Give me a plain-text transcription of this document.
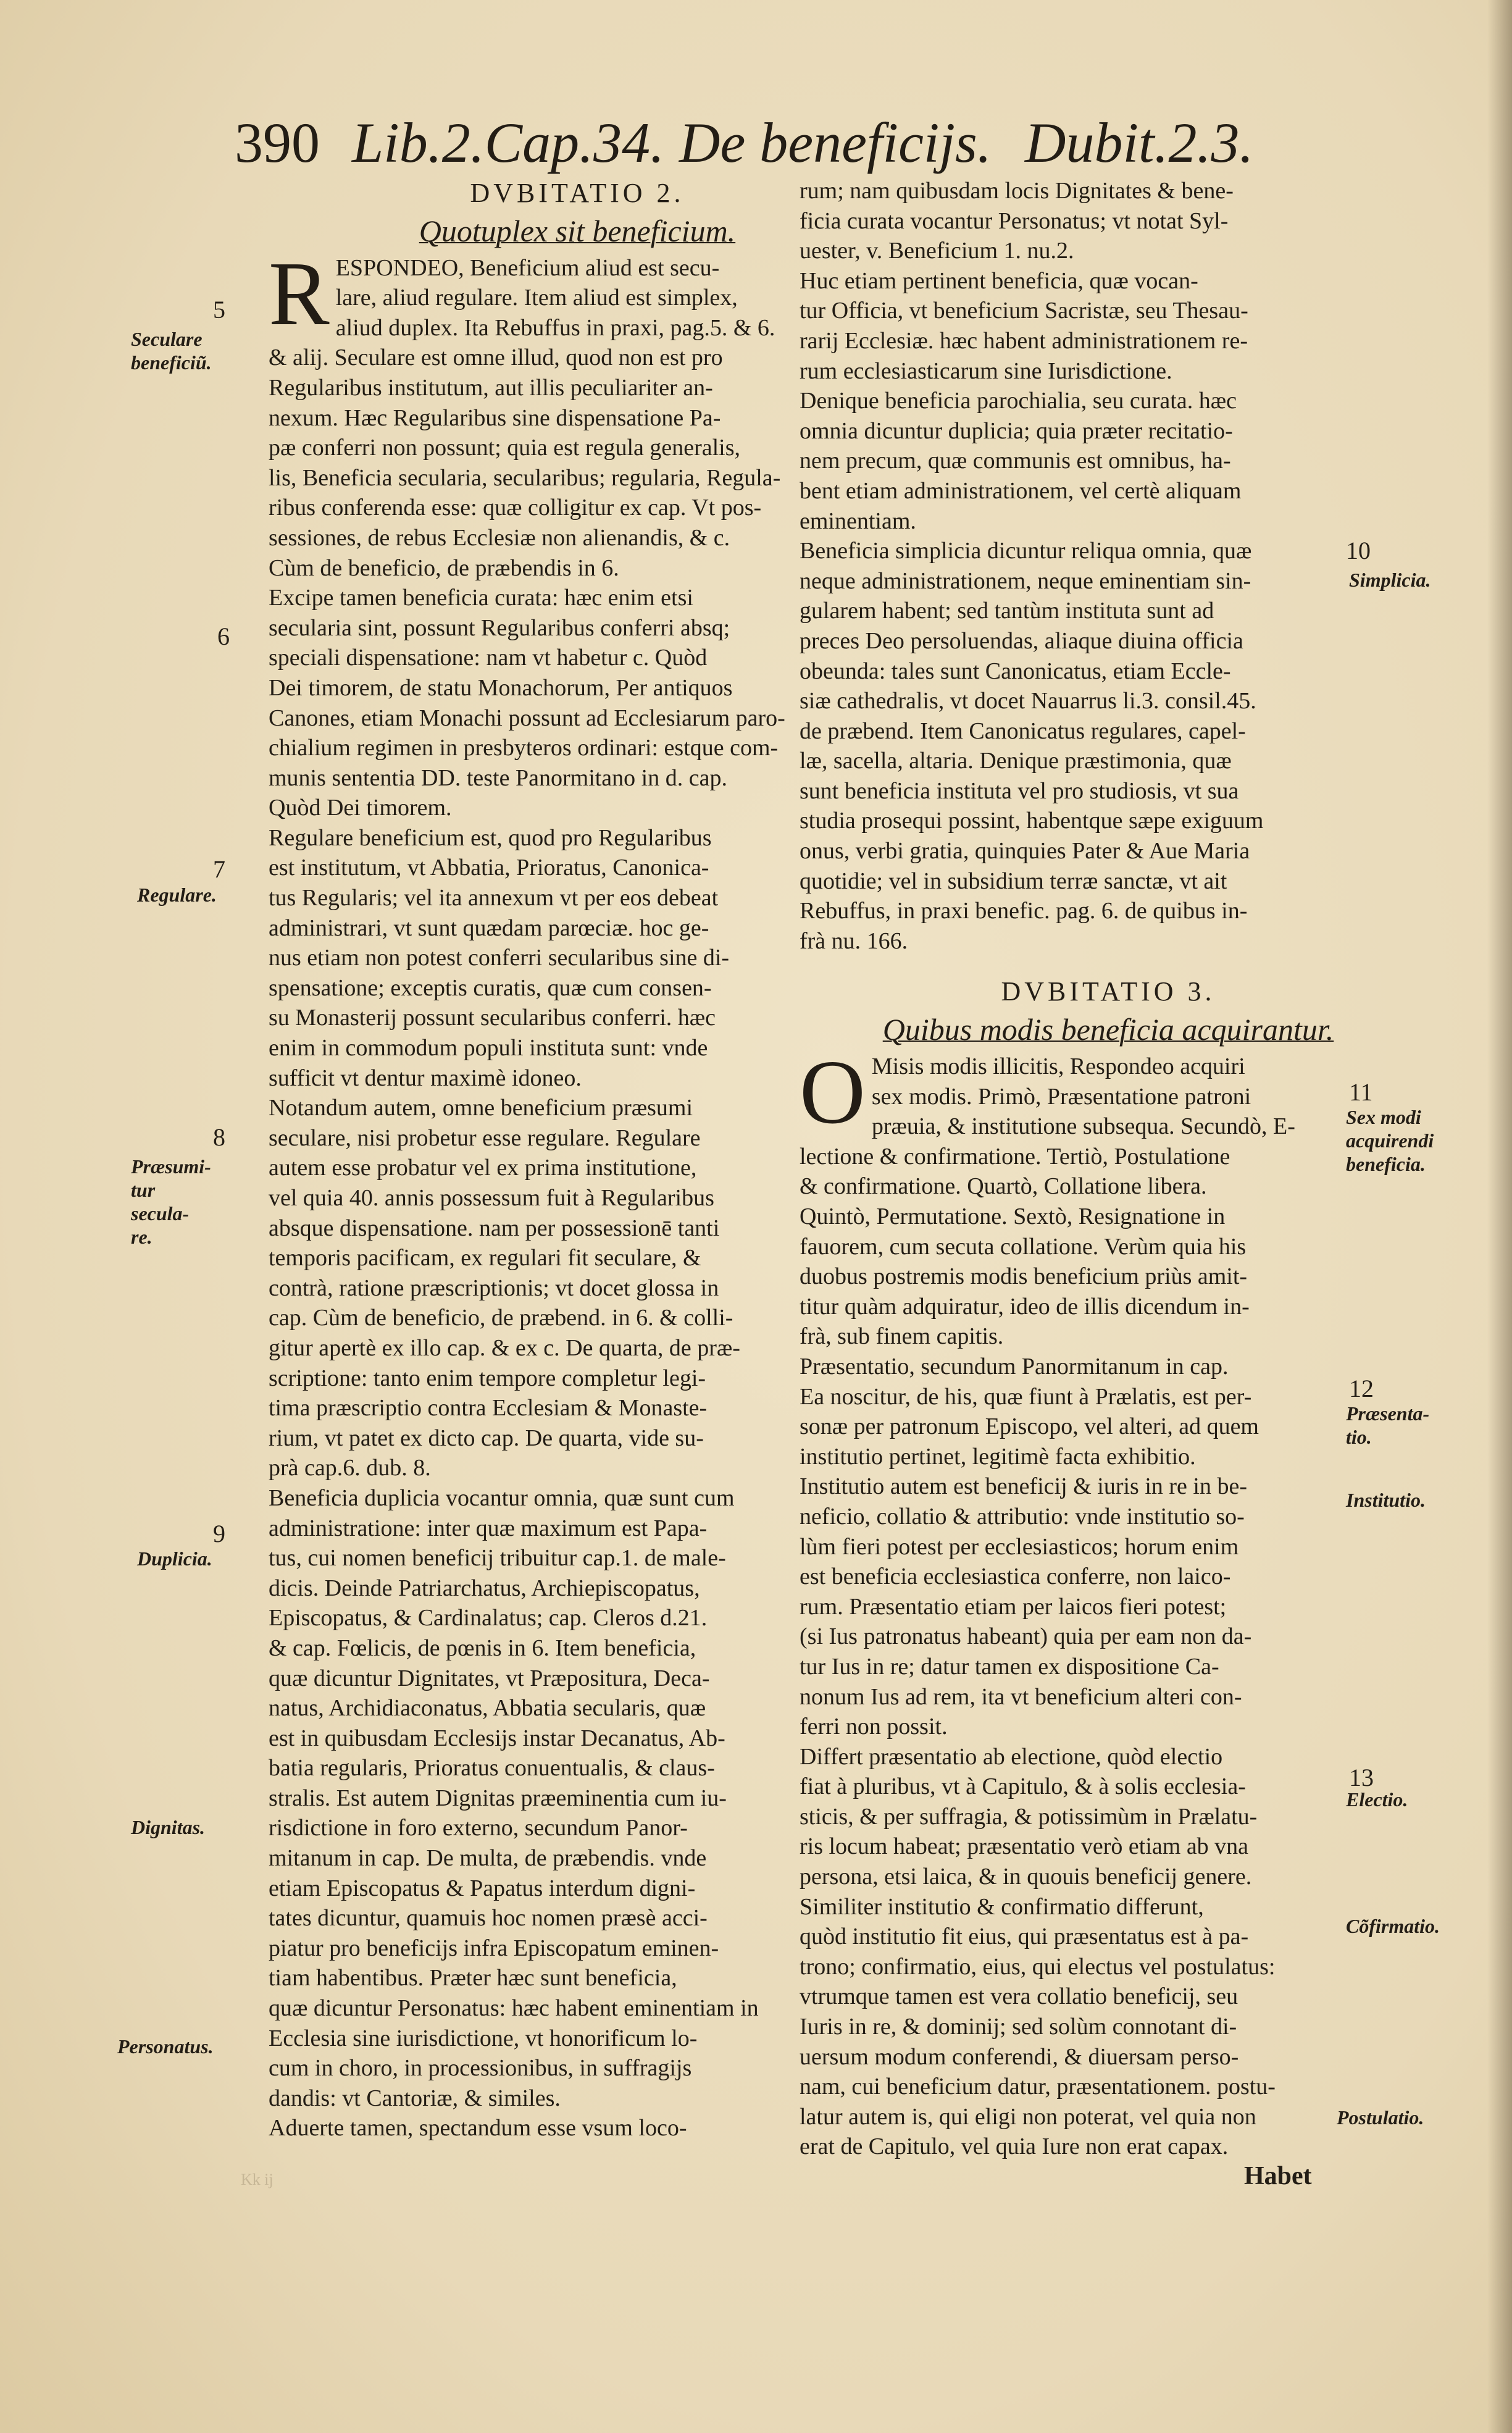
390 Lib.2.Cap.34. De beneficijs. Dubit.2.3.
DVBITATIO 2.
Quotuplex sit beneficium.
R ESPONDEO, Beneficium aliud est secu-
lare, aliud regulare. Item aliud est simplex,
aliud duplex. Ita Rebuffus in praxi, pag.5. & 6.
& alij. Seculare est omne illud, quod non est pro
Regularibus institutum, aut illis peculiariter an-
nexum. Hæc Regularibus sine dispensatione Pa-
pæ conferri non possunt; quia est regula generalis,
lis, Beneficia secularia, secularibus; regularia, Regula-
ribus conferenda esse: quæ colligitur ex cap. Vt pos-
sessiones, de rebus Ecclesiæ non alienandis, & c.
Cùm de beneficio, de præbendis in 6.
Excipe tamen beneficia curata: hæc enim etsi
secularia sint, possunt Regularibus conferri absq;
speciali dispensatione: nam vt habetur c. Quòd
Dei timorem, de statu Monachorum, Per antiquos
Canones, etiam Monachi possunt ad Ecclesiarum paro-
chialium regimen in presbyteros ordinari: estque com-
munis sententia DD. teste Panormitano in d. cap.
Quòd Dei timorem.
Regulare beneficium est, quod pro Regularibus
est institutum, vt Abbatia, Prioratus, Canonica-
tus Regularis; vel ita annexum vt per eos debeat
administrari, vt sunt quædam parœciæ. hoc ge-
nus etiam non potest conferri secularibus sine di-
spensatione; exceptis curatis, quæ cum consen-
su Monasterij possunt secularibus conferri. hæc
enim in commodum populi instituta sunt: vnde
sufficit vt dentur maximè idoneo.
Notandum autem, omne beneficium præsumi
seculare, nisi probetur esse regulare. Regulare
autem esse probatur vel ex prima institutione,
vel quia 40. annis possessum fuit à Regularibus
absque dispensatione. nam per possessionē tanti
temporis pacificam, ex regulari fit seculare, &
contrà, ratione præscriptionis; vt docet glossa in
cap. Cùm de beneficio, de præbend. in 6. & colli-
gitur apertè ex illo cap. & ex c. De quarta, de præ-
scriptione: tanto enim tempore completur legi-
tima præscriptio contra Ecclesiam & Monaste-
rium, vt patet ex dicto cap. De quarta, vide su-
prà cap.6. dub. 8.
Beneficia duplicia vocantur omnia, quæ sunt cum
administratione: inter quæ maximum est Papa-
tus, cui nomen beneficij tribuitur cap.1. de male-
dicis. Deinde Patriarchatus, Archiepiscopatus,
Episcopatus, & Cardinalatus; cap. Cleros d.21.
& cap. Fœlicis, de pœnis in 6. Item beneficia,
quæ dicuntur Dignitates, vt Præpositura, Deca-
natus, Archidiaconatus, Abbatia secularis, quæ
est in quibusdam Ecclesijs instar Decanatus, Ab-
batia regularis, Prioratus conuentualis, & claus-
stralis. Est autem Dignitas præeminentia cum iu-
risdictione in foro externo, secundum Panor-
mitanum in cap. De multa, de præbendis. vnde
etiam Episcopatus & Papatus interdum digni-
tates dicuntur, quamuis hoc nomen præsè acci-
piatur pro beneficijs infra Episcopatum eminen-
tiam habentibus. Præter hæc sunt beneficia,
quæ dicuntur Personatus: hæc habent eminentiam in
Ecclesia sine iurisdictione, vt honorificum lo-
cum in choro, in processionibus, in suffragijs
dandis: vt Cantoriæ, & similes.
Aduerte tamen, spectandum esse vsum loco-
rum; nam quibusdam locis Dignitates & bene-
ficia curata vocantur Personatus; vt notat Syl-
uester, v. Beneficium 1. nu.2.
Huc etiam pertinent beneficia, quæ vocan-
tur Officia, vt beneficium Sacristæ, seu Thesau-
rarij Ecclesiæ. hæc habent administrationem re-
rum ecclesiasticarum sine Iurisdictione.
Denique beneficia parochialia, seu curata. hæc
omnia dicuntur duplicia; quia præter recitatio-
nem precum, quæ communis est omnibus, ha-
bent etiam administrationem, vel certè aliquam
eminentiam.
Beneficia simplicia dicuntur reliqua omnia, quæ
neque administrationem, neque eminentiam sin-
gularem habent; sed tantùm instituta sunt ad
preces Deo persoluendas, aliaque diuina officia
obeunda: tales sunt Canonicatus, etiam Eccle-
siæ cathedralis, vt docet Nauarrus li.3. consil.45.
de præbend. Item Canonicatus regulares, capel-
læ, sacella, altaria. Denique præstimonia, quæ
sunt beneficia instituta vel pro studiosis, vt sua
studia prosequi possint, habentque sæpe exiguum
onus, verbi gratia, quinquies Pater & Aue Maria
quotidie; vel in subsidium terræ sanctæ, vt ait
Rebuffus, in praxi benefic. pag. 6. de quibus in-
frà nu. 166.
DVBITATIO 3.
Quibus modis beneficia acquirantur.
O Misis modis illicitis, Respondeo acquiri
sex modis. Primò, Præsentatione patroni
præuia, & institutione subsequa. Secundò, E-
lectione & confirmatione. Tertiò, Postulatione
& confirmatione. Quartò, Collatione libera.
Quintò, Permutatione. Sextò, Resignatione in
fauorem, cum secuta collatione. Verùm quia his
duobus postremis modis beneficium priùs amit-
titur quàm adquiratur, ideo de illis dicendum in-
frà, sub finem capitis.
Præsentatio, secundum Panormitanum in cap.
Ea noscitur, de his, quæ fiunt à Prælatis, est per-
sonæ per patronum Episcopo, vel alteri, ad quem
institutio pertinet, legitimè facta exhibitio.
Institutio autem est beneficij & iuris in re in be-
neficio, collatio & attributio: vnde institutio so-
lùm fieri potest per ecclesiasticos; horum enim
est beneficia ecclesiastica conferre, non laico-
rum. Præsentatio etiam per laicos fieri potest;
(si Ius patronatus habeant) quia per eam non da-
tur Ius in re; datur tamen ex dispositione Ca-
nonum Ius ad rem, ita vt beneficium alteri con-
ferri non possit.
Differt præsentatio ab electione, quòd electio
fiat à pluribus, vt à Capitulo, & à solis ecclesia-
sticis, & per suffragia, & potissimùm in Prælatu-
ris locum habeat; præsentatio verò etiam ab vna
persona, etsi laica, & in quouis beneficij genere.
Similiter institutio & confirmatio differunt,
quòd institutio fit eius, qui præsentatus est à pa-
trono; confirmatio, eius, qui electus vel postulatus:
vtrumque tamen est vera collatio beneficij, seu
Iuris in re, & dominij; sed solùm connotant di-
uersum modum conferendi, & diuersam perso-
nam, cui beneficium datur, præsentationem. postu-
latur autem is, qui eligi non poterat, vel quia non
erat de Capitulo, vel quia Iure non erat capax.
5
6
7
8
9
10
11
12
13
Seculare beneficiũ.
Regulare.
Præsumi-tur secula-re.
Duplicia.
Dignitas.
Personatus.
Simplicia.
Sex modi acquirendi beneficia.
Præsenta-tio.
Institutio.
Electio.
Cõfirmatio.
Postulatio.
Habet
Kk ij
